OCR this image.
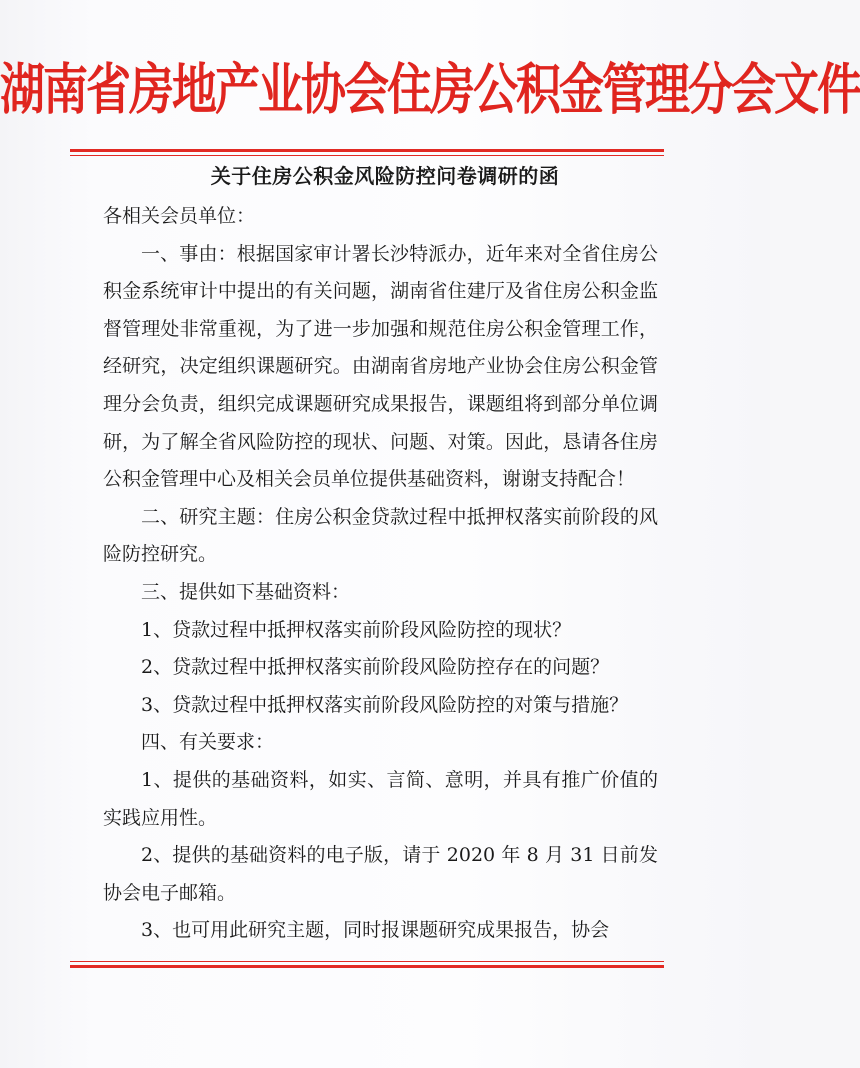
湖南省房地产业协会住房公积金管理分会文件
关于住房公积金风险防控问卷调研的函

各相关会员单位：

一、事由：根据国家审计署长沙特派办，近年来对全省住房公积金系统审计中提出的有关问题，湖南省住建厅及省住房公积金监督管理处非常重视，为了进一步加强和规范住房公积金管理工作，经研究，决定组织课题研究。由湖南省房地产业协会住房公积金管理分会负责，组织完成课题研究成果报告，课题组将到部分单位调研，为了解全省风险防控的现状、问题、对策。因此，恳请各住房公积金管理中心及相关会员单位提供基础资料，谢谢支持配合！

二、研究主题：住房公积金贷款过程中抵押权落实前阶段的风险防控研究。

三、提供如下基础资料：

1、贷款过程中抵押权落实前阶段风险防控的现状？

2、贷款过程中抵押权落实前阶段风险防控存在的问题？

3、贷款过程中抵押权落实前阶段风险防控的对策与措施？

四、有关要求：

1、提供的基础资料，如实、言简、意明，并具有推广价值的实践应用性。

2、提供的基础资料的电子版，请于 2020 年 8 月 31 日前发协会电子邮箱。

3、也可用此研究主题，同时报课题研究成果报告，协会
